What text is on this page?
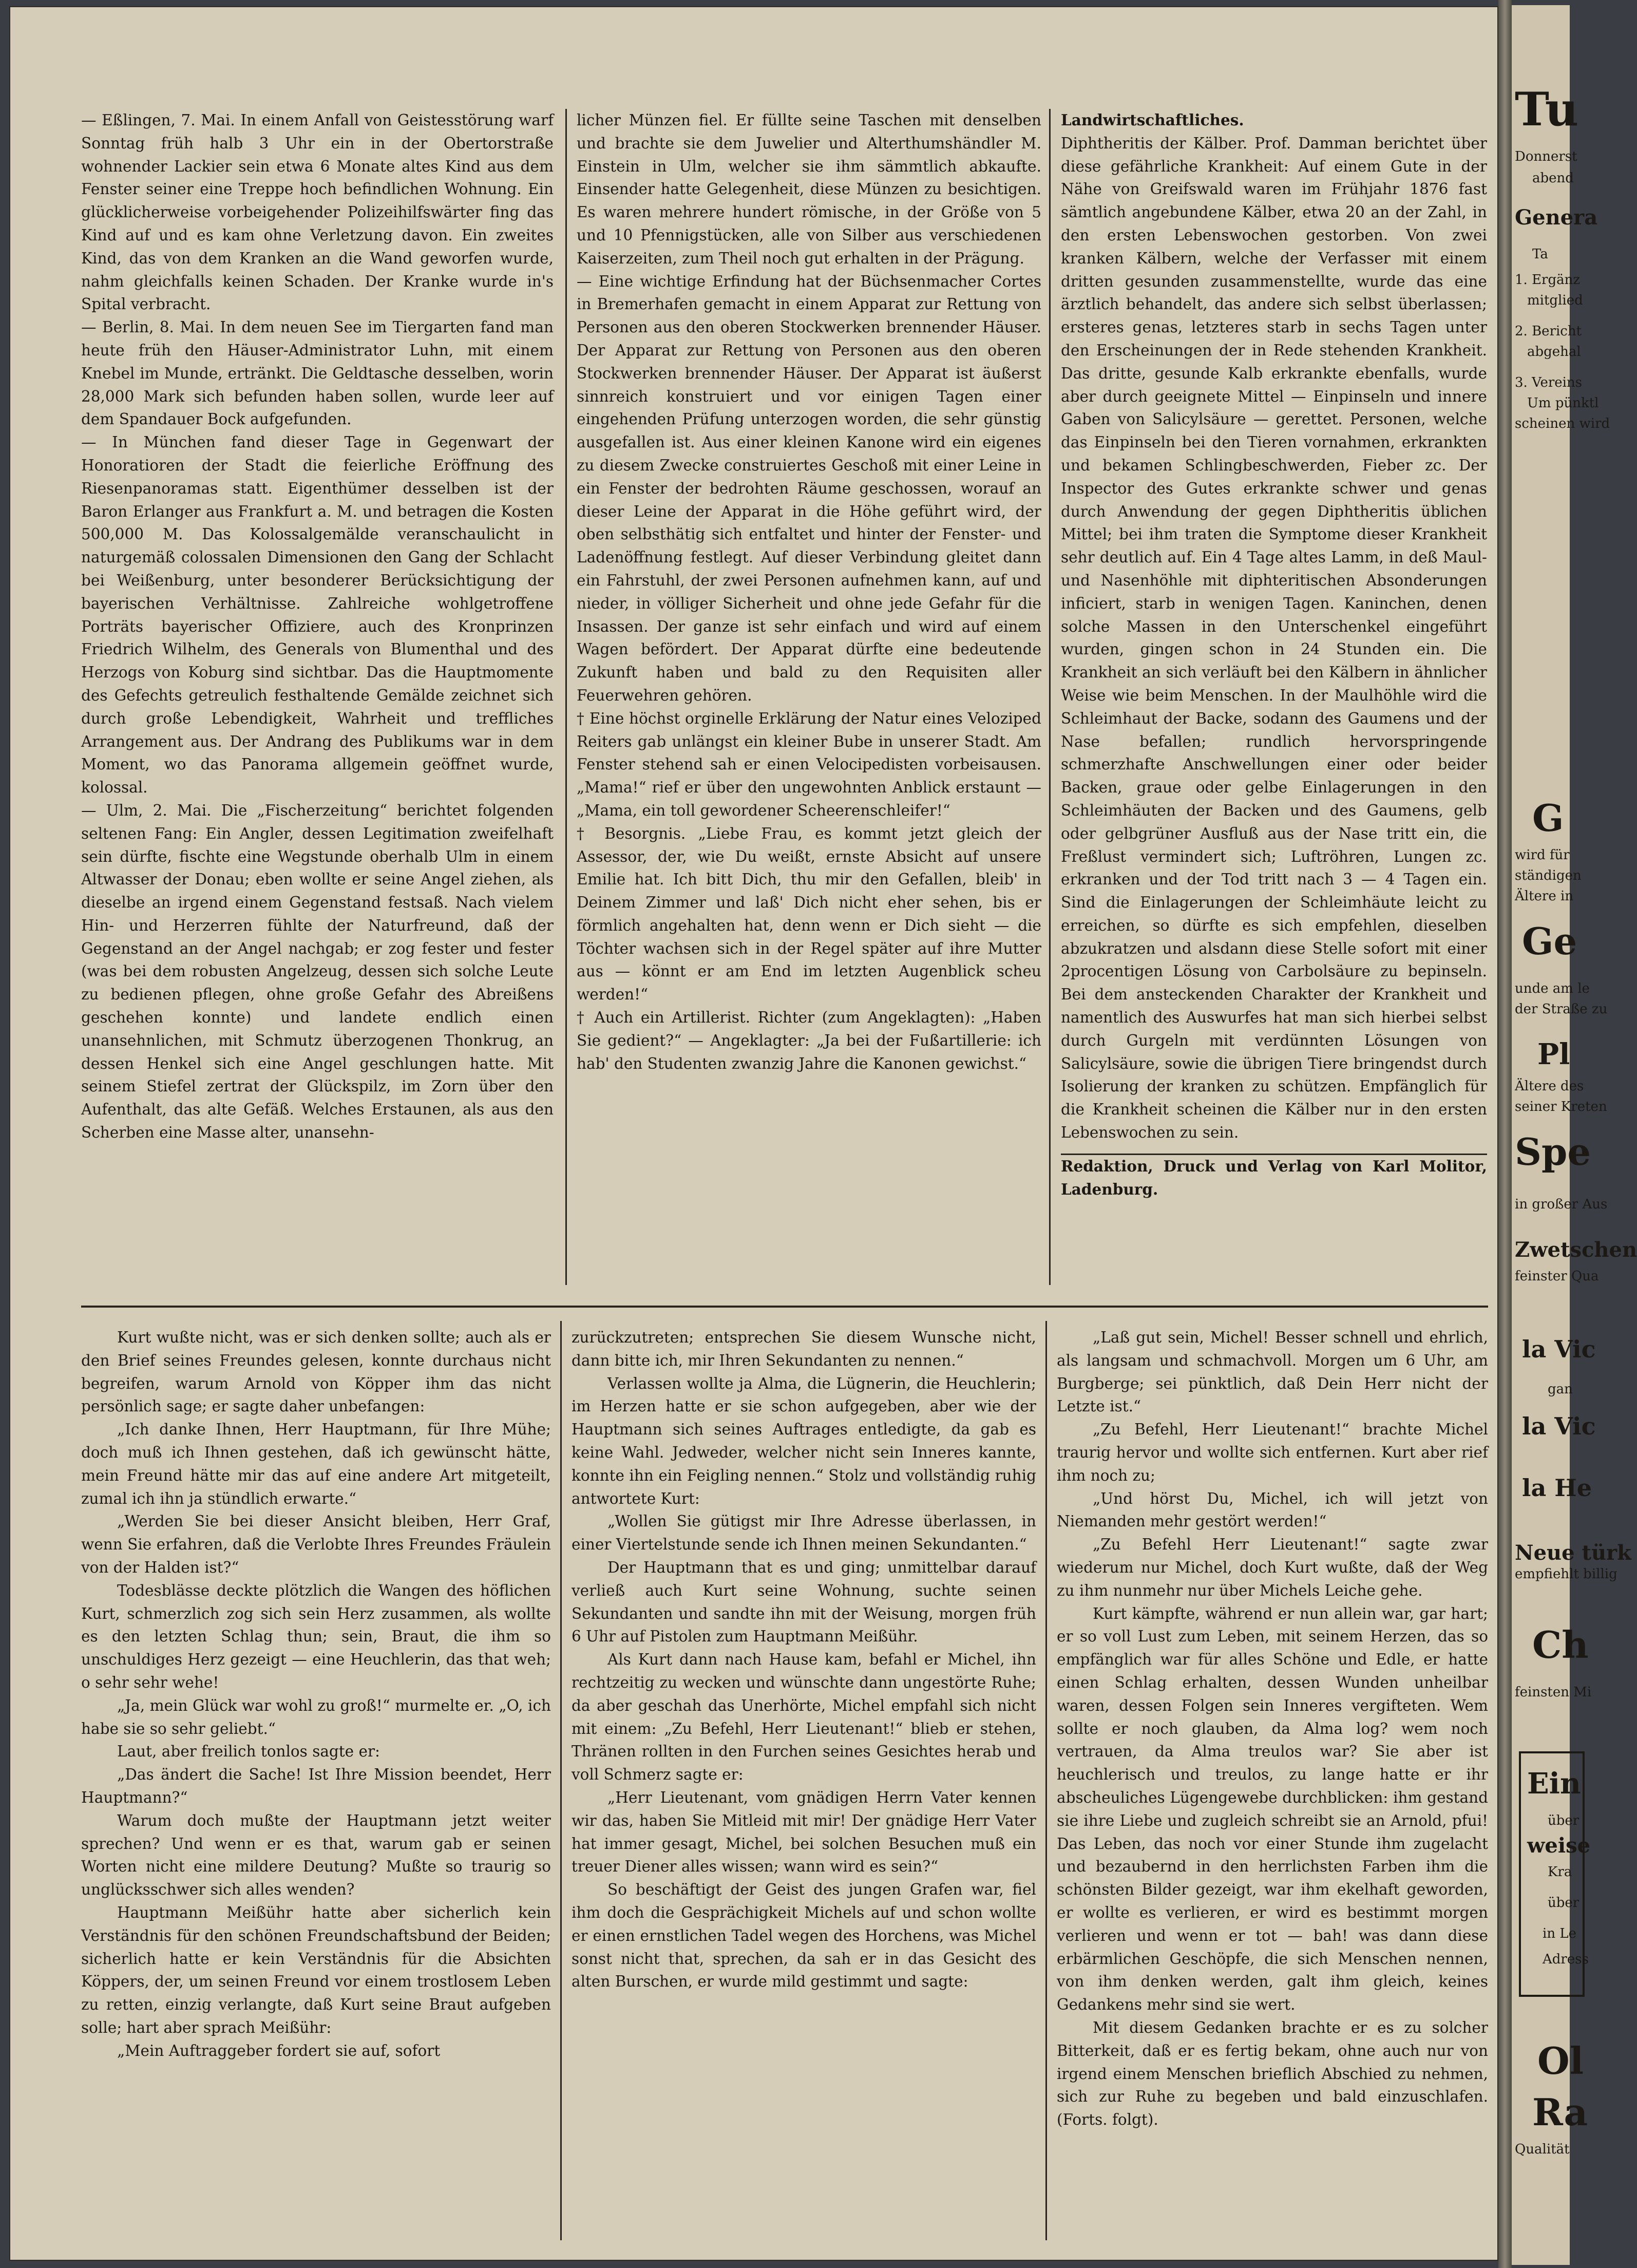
— Eßlingen, 7. Mai. In einem Anfall von Geistesstörung warf Sonntag früh halb 3 Uhr ein in der Obertorstraße wohnender Lackier sein etwa 6 Monate altes Kind aus dem Fenster seiner eine Treppe hoch befindlichen Wohnung. Ein glücklicherweise vorbeigehender Polizeihilfswärter fing das Kind auf und es kam ohne Verletzung davon. Ein zweites Kind, das von dem Kranken an die Wand geworfen wurde, nahm gleichfalls keinen Schaden. Der Kranke wurde in's Spital verbracht.

— Berlin, 8. Mai. In dem neuen See im Tiergarten fand man heute früh den Häuser-Administrator Luhn, mit einem Knebel im Munde, ertränkt. Die Geldtasche desselben, worin 28,000 Mark sich befunden haben sollen, wurde leer auf dem Spandauer Bock aufgefunden.

— In München fand dieser Tage in Gegenwart der Honoratioren der Stadt die feierliche Eröffnung des Riesenpanoramas statt. Eigenthümer desselben ist der Baron Erlanger aus Frankfurt a. M. und betragen die Kosten 500,000 M. Das Kolossalgemälde veranschaulicht in naturgemäß colossalen Dimensionen den Gang der Schlacht bei Weißenburg, unter besonderer Berücksichtigung der bayerischen Verhältnisse. Zahlreiche wohlgetroffene Porträts bayerischer Offiziere, auch des Kronprinzen Friedrich Wilhelm, des Generals von Blumenthal und des Herzogs von Koburg sind sichtbar. Das die Hauptmomente des Gefechts getreulich festhaltende Gemälde zeichnet sich durch große Lebendigkeit, Wahrheit und treffliches Arrangement aus. Der Andrang des Publikums war in dem Moment, wo das Panorama allgemein geöffnet wurde, kolossal.

— Ulm, 2. Mai. Die „Fischerzeitung“ berichtet folgenden seltenen Fang: Ein Angler, dessen Legitimation zweifelhaft sein dürfte, fischte eine Wegstunde oberhalb Ulm in einem Altwasser der Donau; eben wollte er seine Angel ziehen, als dieselbe an irgend einem Gegenstand festsaß. Nach vielem Hin- und Herzerren fühlte der Naturfreund, daß der Gegenstand an der Angel nachgab; er zog fester und fester (was bei dem robusten Angelzeug, dessen sich solche Leute zu bedienen pflegen, ohne große Gefahr des Abreißens geschehen konnte) und landete endlich einen unansehnlichen, mit Schmutz überzogenen Thonkrug, an dessen Henkel sich eine Angel geschlungen hatte. Mit seinem Stiefel zertrat der Glückspilz, im Zorn über den Aufenthalt, das alte Gefäß. Welches Erstaunen, als aus den Scherben eine Masse alter, unansehn-

licher Münzen fiel. Er füllte seine Taschen mit denselben und brachte sie dem Juwelier und Alterthumshändler M. Einstein in Ulm, welcher sie ihm sämmtlich abkaufte. Einsender hatte Gelegenheit, diese Münzen zu besichtigen. Es waren mehrere hundert römische, in der Größe von 5 und 10 Pfennigstücken, alle von Silber aus verschiedenen Kaiserzeiten, zum Theil noch gut erhalten in der Prägung.

— Eine wichtige Erfindung hat der Büchsenmacher Cortes in Bremerhafen gemacht in einem Apparat zur Rettung von Personen aus den oberen Stockwerken brennender Häuser. Der Apparat zur Rettung von Personen aus den oberen Stockwerken brennender Häuser. Der Apparat ist äußerst sinnreich konstruiert und vor einigen Tagen einer eingehenden Prüfung unterzogen worden, die sehr günstig ausgefallen ist. Aus einer kleinen Kanone wird ein eigenes zu diesem Zwecke construiertes Geschoß mit einer Leine in ein Fenster der bedrohten Räume geschossen, worauf an dieser Leine der Apparat in die Höhe geführt wird, der oben selbsthätig sich entfaltet und hinter der Fenster- und Ladenöffnung festlegt. Auf dieser Verbindung gleitet dann ein Fahrstuhl, der zwei Personen aufnehmen kann, auf und nieder, in völliger Sicherheit und ohne jede Gefahr für die Insassen. Der ganze ist sehr einfach und wird auf einem Wagen befördert. Der Apparat dürfte eine bedeutende Zukunft haben und bald zu den Requisiten aller Feuerwehren gehören.

† Eine höchst orginelle Erklärung der Natur eines Veloziped Reiters gab unlängst ein kleiner Bube in unserer Stadt. Am Fenster stehend sah er einen Velocipedisten vorbeisausen. „Mama!“ rief er über den ungewohnten Anblick erstaunt — „Mama, ein toll gewordener Scheerenschleifer!“

† Besorgnis. „Liebe Frau, es kommt jetzt gleich der Assessor, der, wie Du weißt, ernste Absicht auf unsere Emilie hat. Ich bitt Dich, thu mir den Gefallen, bleib' in Deinem Zimmer und laß' Dich nicht eher sehen, bis er förmlich angehalten hat, denn wenn er Dich sieht — die Töchter wachsen sich in der Regel später auf ihre Mutter aus — könnt er am End im letzten Augenblick scheu werden!“

† Auch ein Artillerist. Richter (zum Angeklagten): „Haben Sie gedient?“ — Angeklagter: „Ja bei der Fußartillerie: ich hab' den Studenten zwanzig Jahre die Kanonen gewichst.“

Landwirtschaftliches.

Diphtheritis der Kälber. Prof. Damman berichtet über diese gefährliche Krankheit: Auf einem Gute in der Nähe von Greifswald waren im Frühjahr 1876 fast sämtlich angebundene Kälber, etwa 20 an der Zahl, in den ersten Lebenswochen gestorben. Von zwei kranken Kälbern, welche der Verfasser mit einem dritten gesunden zusammenstellte, wurde das eine ärztlich behandelt, das andere sich selbst überlassen; ersteres genas, letzteres starb in sechs Tagen unter den Erscheinungen der in Rede stehenden Krankheit. Das dritte, gesunde Kalb erkrankte ebenfalls, wurde aber durch geeignete Mittel — Einpinseln und innere Gaben von Salicylsäure — gerettet. Personen, welche das Einpinseln bei den Tieren vornahmen, erkrankten und bekamen Schlingbeschwerden, Fieber zc. Der Inspector des Gutes erkrankte schwer und genas durch Anwendung der gegen Diphtheritis üblichen Mittel; bei ihm traten die Symptome dieser Krankheit sehr deutlich auf. Ein 4 Tage altes Lamm, in deß Maul- und Nasenhöhle mit diphteritischen Absonderungen inficiert, starb in wenigen Tagen. Kaninchen, denen solche Massen in den Unterschenkel eingeführt wurden, gingen schon in 24 Stunden ein. Die Krankheit an sich verläuft bei den Kälbern in ähnlicher Weise wie beim Menschen. In der Maulhöhle wird die Schleimhaut der Backe, sodann des Gaumens und der Nase befallen; rundlich hervorspringende schmerzhafte Anschwellungen einer oder beider Backen, graue oder gelbe Einlagerungen in den Schleimhäuten der Backen und des Gaumens, gelb oder gelbgrüner Ausfluß aus der Nase tritt ein, die Freßlust vermindert sich; Luftröhren, Lungen zc. erkranken und der Tod tritt nach 3 — 4 Tagen ein. Sind die Einlagerungen der Schleimhäute leicht zu erreichen, so dürfte es sich empfehlen, dieselben abzukratzen und alsdann diese Stelle sofort mit einer 2procentigen Lösung von Carbolsäure zu bepinseln. Bei dem ansteckenden Charakter der Krankheit und namentlich des Auswurfes hat man sich hierbei selbst durch Gurgeln mit verdünnten Lösungen von Salicylsäure, sowie die übrigen Tiere bringendst durch Isolierung der kranken zu schützen. Empfänglich für die Krankheit scheinen die Kälber nur in den ersten Lebenswochen zu sein.

Redaktion, Druck und Verlag von Karl Molitor, Ladenburg.

Kurt wußte nicht, was er sich denken sollte; auch als er den Brief seines Freundes gelesen, konnte durchaus nicht begreifen, warum Arnold von Köpper ihm das nicht persönlich sage; er sagte daher unbefangen:

„Ich danke Ihnen, Herr Hauptmann, für Ihre Mühe; doch muß ich Ihnen gestehen, daß ich gewünscht hätte, mein Freund hätte mir das auf eine andere Art mitgeteilt, zumal ich ihn ja stündlich erwarte.“

„Werden Sie bei dieser Ansicht bleiben, Herr Graf, wenn Sie erfahren, daß die Verlobte Ihres Freundes Fräulein von der Halden ist?“

Todesblässe deckte plötzlich die Wangen des höflichen Kurt, schmerzlich zog sich sein Herz zusammen, als wollte es den letzten Schlag thun; sein, Braut, die ihm so unschuldiges Herz gezeigt — eine Heuchlerin, das that weh; o sehr sehr wehe!

„Ja, mein Glück war wohl zu groß!“ murmelte er. „O, ich habe sie so sehr geliebt.“

Laut, aber freilich tonlos sagte er:

„Das ändert die Sache! Ist Ihre Mission beendet, Herr Hauptmann?“

Warum doch mußte der Hauptmann jetzt weiter sprechen? Und wenn er es that, warum gab er seinen Worten nicht eine mildere Deutung? Mußte so traurig so unglücksschwer sich alles wenden?

Hauptmann Meißühr hatte aber sicherlich kein Verständnis für den schönen Freundschaftsbund der Beiden; sicherlich hatte er kein Verständnis für die Absichten Köppers, der, um seinen Freund vor einem trostlosem Leben zu retten, einzig verlangte, daß Kurt seine Braut aufgeben solle; hart aber sprach Meißühr:

„Mein Auftraggeber fordert sie auf, sofort

zurückzutreten; entsprechen Sie diesem Wunsche nicht, dann bitte ich, mir Ihren Sekundanten zu nennen.“

Verlassen wollte ja Alma, die Lügnerin, die Heuchlerin; im Herzen hatte er sie schon aufgegeben, aber wie der Hauptmann sich seines Auftrages entledigte, da gab es keine Wahl. Jedweder, welcher nicht sein Inneres kannte, konnte ihn ein Feigling nennen.“ Stolz und vollständig ruhig antwortete Kurt:

„Wollen Sie gütigst mir Ihre Adresse überlassen, in einer Viertelstunde sende ich Ihnen meinen Sekundanten.“

Der Hauptmann that es und ging; unmittelbar darauf verließ auch Kurt seine Wohnung, suchte seinen Sekundanten und sandte ihn mit der Weisung, morgen früh 6 Uhr auf Pistolen zum Hauptmann Meißühr.

Als Kurt dann nach Hause kam, befahl er Michel, ihn rechtzeitig zu wecken und wünschte dann ungestörte Ruhe; da aber geschah das Unerhörte, Michel empfahl sich nicht mit einem: „Zu Befehl, Herr Lieutenant!“ blieb er stehen, Thränen rollten in den Furchen seines Gesichtes herab und voll Schmerz sagte er:

„Herr Lieutenant, vom gnädigen Herrn Vater kennen wir das, haben Sie Mitleid mit mir! Der gnädige Herr Vater hat immer gesagt, Michel, bei solchen Besuchen muß ein treuer Diener alles wissen; wann wird es sein?“

So beschäftigt der Geist des jungen Grafen war, fiel ihm doch die Gesprächigkeit Michels auf und schon wollte er einen ernstlichen Tadel wegen des Horchens, was Michel sonst nicht that, sprechen, da sah er in das Gesicht des alten Burschen, er wurde mild gestimmt und sagte:

„Laß gut sein, Michel! Besser schnell und ehrlich, als langsam und schmachvoll. Morgen um 6 Uhr, am Burgberge; sei pünktlich, daß Dein Herr nicht der Letzte ist.“

„Zu Befehl, Herr Lieutenant!“ brachte Michel traurig hervor und wollte sich entfernen. Kurt aber rief ihm noch zu;

„Und hörst Du, Michel, ich will jetzt von Niemanden mehr gestört werden!“

„Zu Befehl Herr Lieutenant!“ sagte zwar wiederum nur Michel, doch Kurt wußte, daß der Weg zu ihm nunmehr nur über Michels Leiche gehe.

Kurt kämpfte, während er nun allein war, gar hart; er so voll Lust zum Leben, mit seinem Herzen, das so empfänglich war für alles Schöne und Edle, er hatte einen Schlag erhalten, dessen Wunden unheilbar waren, dessen Folgen sein Inneres vergifteten. Wem sollte er noch glauben, da Alma log? wem noch vertrauen, da Alma treulos war? Sie aber ist heuchlerisch und treulos, zu lange hatte er ihr abscheuliches Lügengewebe durchblicken: ihm gestand sie ihre Liebe und zugleich schreibt sie an Arnold, pfui! Das Leben, das noch vor einer Stunde ihm zugelacht und bezaubernd in den herrlichsten Farben ihm die schönsten Bilder gezeigt, war ihm ekelhaft geworden, er wollte es verlieren, er wird es bestimmt morgen verlieren und wenn er tot — bah! was dann diese erbärmlichen Geschöpfe, die sich Menschen nennen, von ihm denken werden, galt ihm gleich, keines Gedankens mehr sind sie wert.

Mit diesem Gedanken brachte er es zu solcher Bitterkeit, daß er es fertig bekam, ohne auch nur von irgend einem Menschen brieflich Abschied zu nehmen, sich zur Ruhe zu begeben und bald einzuschlafen. (Forts. folgt).

Tu
Donnerst
abend
Genera
Ta
1. Ergänz
mitglied
2. Bericht
abgehal
3. Vereins
Um pünktl
scheinen wird
G
wird für
ständigen
Ältere in
Ge
unde am le
der Straße zu
Pl
Ältere des
seiner Kreten
Spe
in großer Aus
Zwetschen
feinster Qua
la Vic
gan
la Vic
la He
Neue türk
empfiehlt billig
Ch
feinsten Mi
Ein
über
weise
Kra
über
in Le
Adress
Ol
Ra
Qualität
